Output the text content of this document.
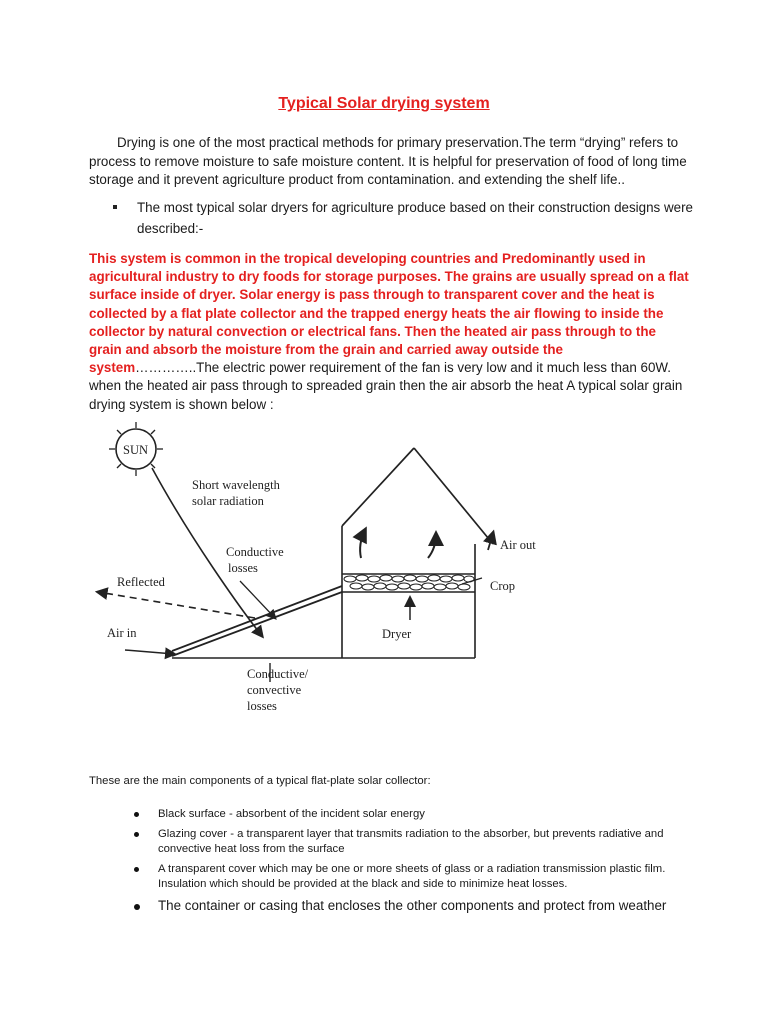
Typical Solar drying system
Drying is one of the most practical methods for primary preservation.The term “drying” refers to process to remove moisture to safe moisture content. It is helpful for preservation of food of long time storage and it prevent agriculture product from contamination. and extending the shelf life..
The most typical solar dryers for agriculture produce based on their construction designs were described:-
This system is common in the tropical developing countries and Predominantly used in agricultural industry to dry foods for storage purposes. The grains are usually spread on a flat surface inside of dryer. Solar energy is pass through to transparent cover and the heat is collected by a flat plate collector and the trapped energy heats the air flowing to inside the collector by natural convection or electrical fans. Then the heated air pass through to the grain and absorb the moisture from the grain and carried away outside the system…………..The electric power requirement of the fan is very low and it much less than 60W. when the heated air pass through to spreaded grain then the air absorb the heat A typical solar grain drying system is shown below :
SUN
Short wavelength
solar radiation
Conductive
losses
Reflected
Air in
Air out
Crop
Dryer
Conductive/
convective
losses
These are the main components of a typical flat-plate solar collector:
Black surface - absorbent of the incident solar energy
Glazing cover - a transparent layer that transmits radiation to the absorber, but prevents radiative and convective heat loss from the surface
A transparent cover which may be one or more sheets of glass or a radiation transmission plastic film. Insulation which should be provided at the black and side to minimize heat losses.
The container or casing that encloses the other components and protect from weather
